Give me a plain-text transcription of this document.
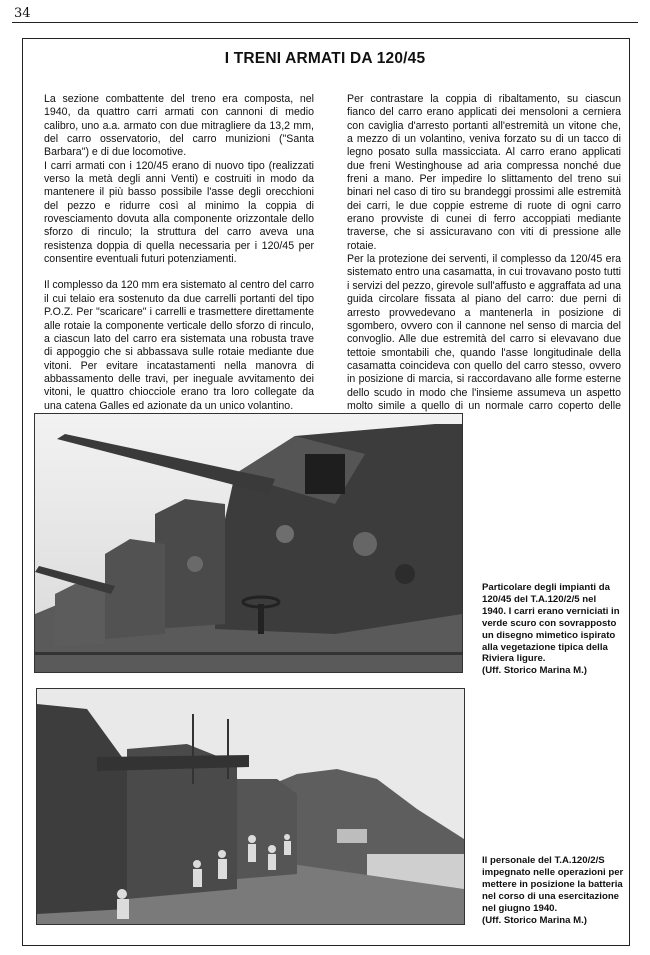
34
I TRENI ARMATI DA 120/45

La sezione combattente del treno era composta, nel 1940, da quattro carri armati con cannoni di medio calibro, uno a.a. armato con due mitragliere da 13,2 mm, del carro osservatorio, del carro munizioni ("Santa Barbara") e di due locomotive.

I carri armati con i 120/45 erano di nuovo tipo (realizzati verso la metà degli anni Venti) e costruiti in modo da mantenere il più basso possibile l'asse degli orecchioni del pezzo e ridurre così al minimo la coppia di rovesciamento dovuta alla componente orizzontale dello sforzo di rinculo; la struttura del carro aveva una resistenza doppia di quella necessaria per i 120/45 per consentire eventuali futuri potenziamenti.

Il complesso da 120 mm era sistemato al centro del carro il cui telaio era sostenuto da due carrelli portanti del tipo P.O.Z. Per "scaricare" i carrelli e trasmettere direttamente alle rotaie la componente verticale dello sforzo di rinculo, a ciascun lato del carro era sistemata una robusta trave di appoggio che si abbassava sulle rotaie mediante due vitoni. Per evitare incatastamenti nella manovra di abbassamento delle travi, per ineguale avvitamento dei vitoni, le quattro chiocciole erano tra loro collegate da una catena Galles ed azionate da un unico volantino.

Per contrastare la coppia di ribaltamento, su ciascun fianco del carro erano applicati dei mensoloni a cerniera con caviglia d'arresto portanti all'estremità un vitone che, a mezzo di un volantino, veniva forzato su di un tacco di legno posato sulla massicciata. Al carro erano applicati due freni Westinghouse ad aria compressa nonché due freni a mano. Per impedire lo slittamento del treno sui binari nel caso di tiro su brandeggi prossimi alle estremità dei carri, le due coppie estreme di ruote di ogni carro erano provviste di cunei di ferro accoppiati mediante traverse, che si assicuravano con viti di pressione alle rotaie.

Per la protezione dei serventi, il complesso da 120/45 era sistemato entro una casamatta, in cui trovavano posto tutti i servizi del pezzo, girevole sull'affusto e aggraffata ad una guida circolare fissata al piano del carro: due perni di arresto provvedevano a mantenerla in posizione di sgombero, ovvero con il cannone nel senso di marcia del convoglio. Alle due estremità del carro si elevavano due tettoie smontabili che, quando l'asse longitudinale della casamatta coincideva con quello del carro stesso, ovvero in posizione di marcia, si raccordavano alle forme esterne dello scudo in modo che l'insieme assumeva un aspetto molto simile a quello di un normale carro coperto delle

Particolare degli impianti da 120/45 del T.A.120/2/5 nel 1940. I carri erano verniciati in verde scuro con sovrapposto un disegno mimetico ispirato alla vegetazione tipica della Riviera ligure.
(Uff. Storico Marina M.)
Il personale del T.A.120/2/S impegnato nelle operazioni per mettere in posizione la batteria nel corso di una esercitazione nel giugno 1940.
(Uff. Storico Marina M.)
